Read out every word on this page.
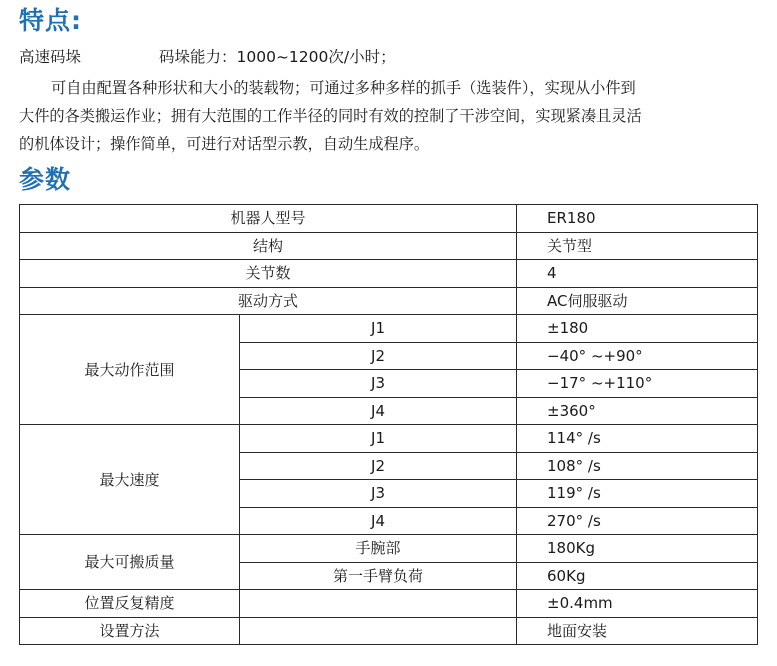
特点:
高速码垛	码垛能力：1000~1200次/小时；
可自由配置各种形状和大小的装载物；可通过多种多样的抓手（选装件），实现从小件到
大件的各类搬运作业；拥有大范围的工作半径的同时有效的控制了干涉空间，实现紧凑且灵活
的机体设计；操作简单，可进行对话型示教，自动生成程序。
参数
机器人型号		ER180
结构		关节型
关节数		4
驱动方式		AC伺服驱动
最大动作范围	J1	±180
	J2	−40° ~+90°
	J3	−17° ~+110°
	J4	±360°
最大速度	J1	114° /s
	J2	108° /s
	J3	119° /s
	J4	270° /s
最大可搬质量	手腕部	180Kg
	第一手臂负荷	60Kg
位置反复精度		±0.4mm
设置方法		地面安装
